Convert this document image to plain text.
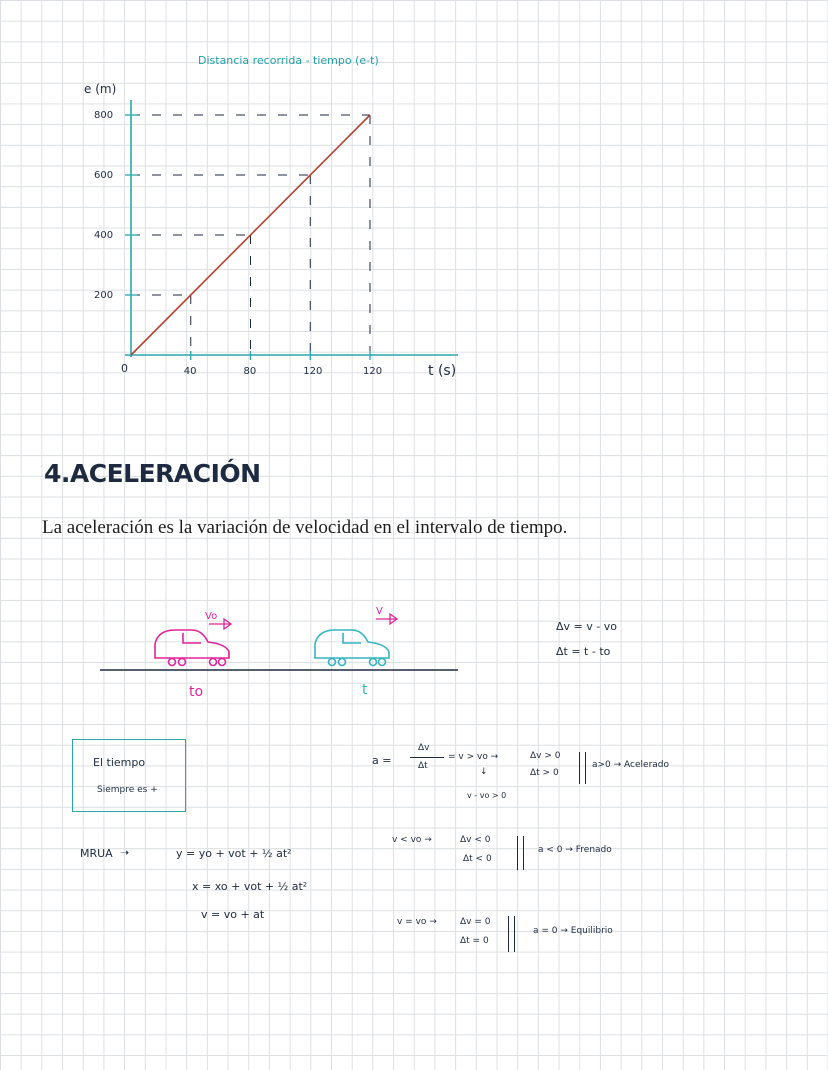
Distancia recorrida - tiempo (e-t)
e (m)
t (s)
0	40	80	120	120
200
400
600
800
4.ACELERACIÓN
La aceleración es la variación de velocidad en el intervalo de tiempo.
Vo	V
to	t
Δv = v - vo
Δt = t - to
El tiempo
Siempre es +
MRUA ➝	y = yo + vot + ½ at²
x = xo + vot + ½ at²
v = vo + at
a =
Δv
Δt
= v > vo →
↓
v - vo > 0
Δv > 0
Δt > 0
a>0 → Acelerado
v < vo →	Δv < 0
Δt < 0
a < 0 → Frenado
v = vo →	Δv = 0
Δt = 0
a = 0 → Equilibrio
